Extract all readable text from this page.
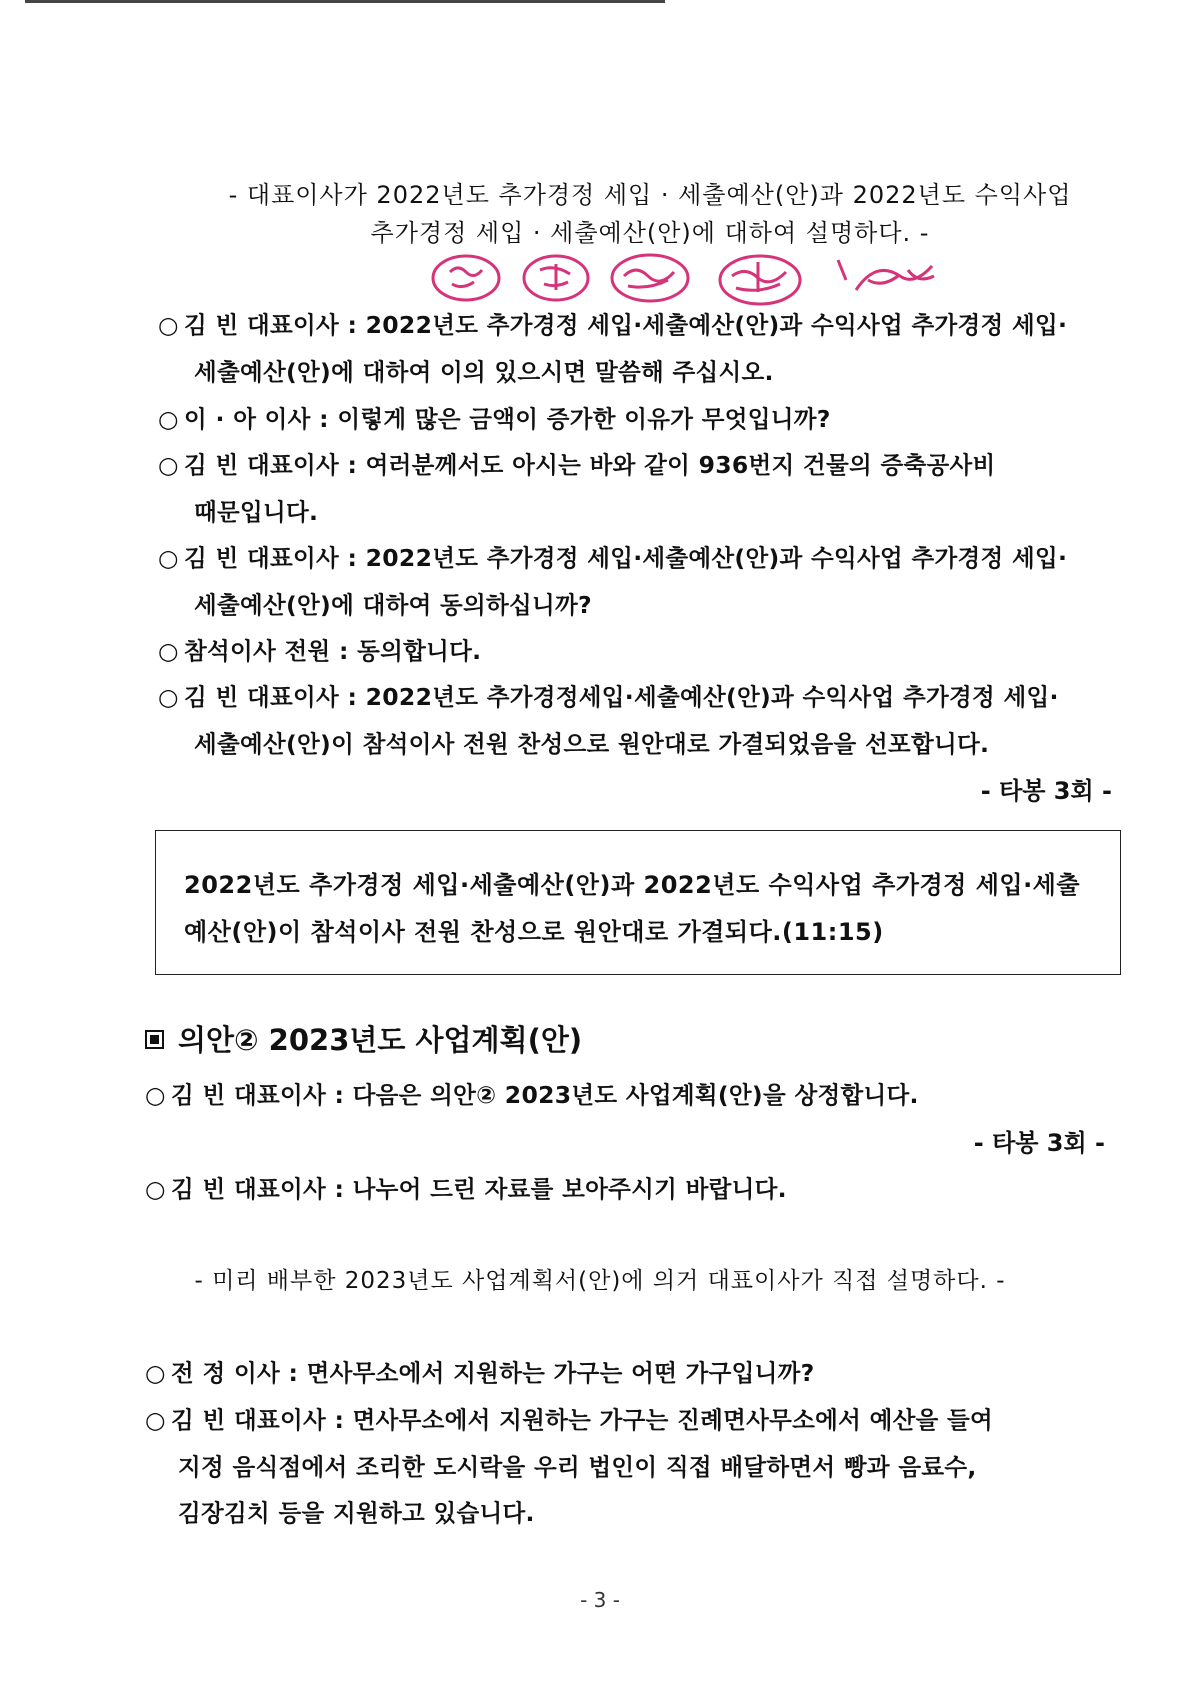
- 대표이사가 2022년도 추가경정 세입 · 세출예산(안)과 2022년도 수익사업
추가경정 세입 · 세출예산(안)에 대하여 설명하다. -
○ 김 빈 대표이사 : 2022년도 추가경정 세입·세출예산(안)과 수익사업 추가경정 세입·
세출예산(안)에 대하여 이의 있으시면 말씀해 주십시오.
○ 이 · 아 이사 : 이렇게 많은 금액이 증가한 이유가 무엇입니까?
○ 김 빈 대표이사 : 여러분께서도 아시는 바와 같이 936번지 건물의 증축공사비
때문입니다.
○ 김 빈 대표이사 : 2022년도 추가경정 세입·세출예산(안)과 수익사업 추가경정 세입·
세출예산(안)에 대하여 동의하십니까?
○ 참석이사 전원 : 동의합니다.
○ 김 빈 대표이사 : 2022년도 추가경정세입·세출예산(안)과 수익사업 추가경정 세입·
세출예산(안)이 참석이사 전원 찬성으로 원안대로 가결되었음을 선포합니다.
- 타봉 3회 -
2022년도 추가경정 세입·세출예산(안)과 2022년도 수익사업 추가경정 세입·세출
예산(안)이 참석이사 전원 찬성으로 원안대로 가결되다.(11:15)
의안② 2023년도 사업계획(안)
○ 김 빈 대표이사 : 다음은 의안② 2023년도 사업계획(안)을 상정합니다.
- 타봉 3회 -
○ 김 빈 대표이사 : 나누어 드린 자료를 보아주시기 바랍니다.
- 미리 배부한 2023년도 사업계획서(안)에 의거 대표이사가 직접 설명하다. -
○ 전 정 이사 : 면사무소에서 지원하는 가구는 어떤 가구입니까?
○ 김 빈 대표이사 : 면사무소에서 지원하는 가구는 진례면사무소에서 예산을 들여
지정 음식점에서 조리한 도시락을 우리 법인이 직접 배달하면서 빵과 음료수,
김장김치 등을 지원하고 있습니다.
- 3 -
